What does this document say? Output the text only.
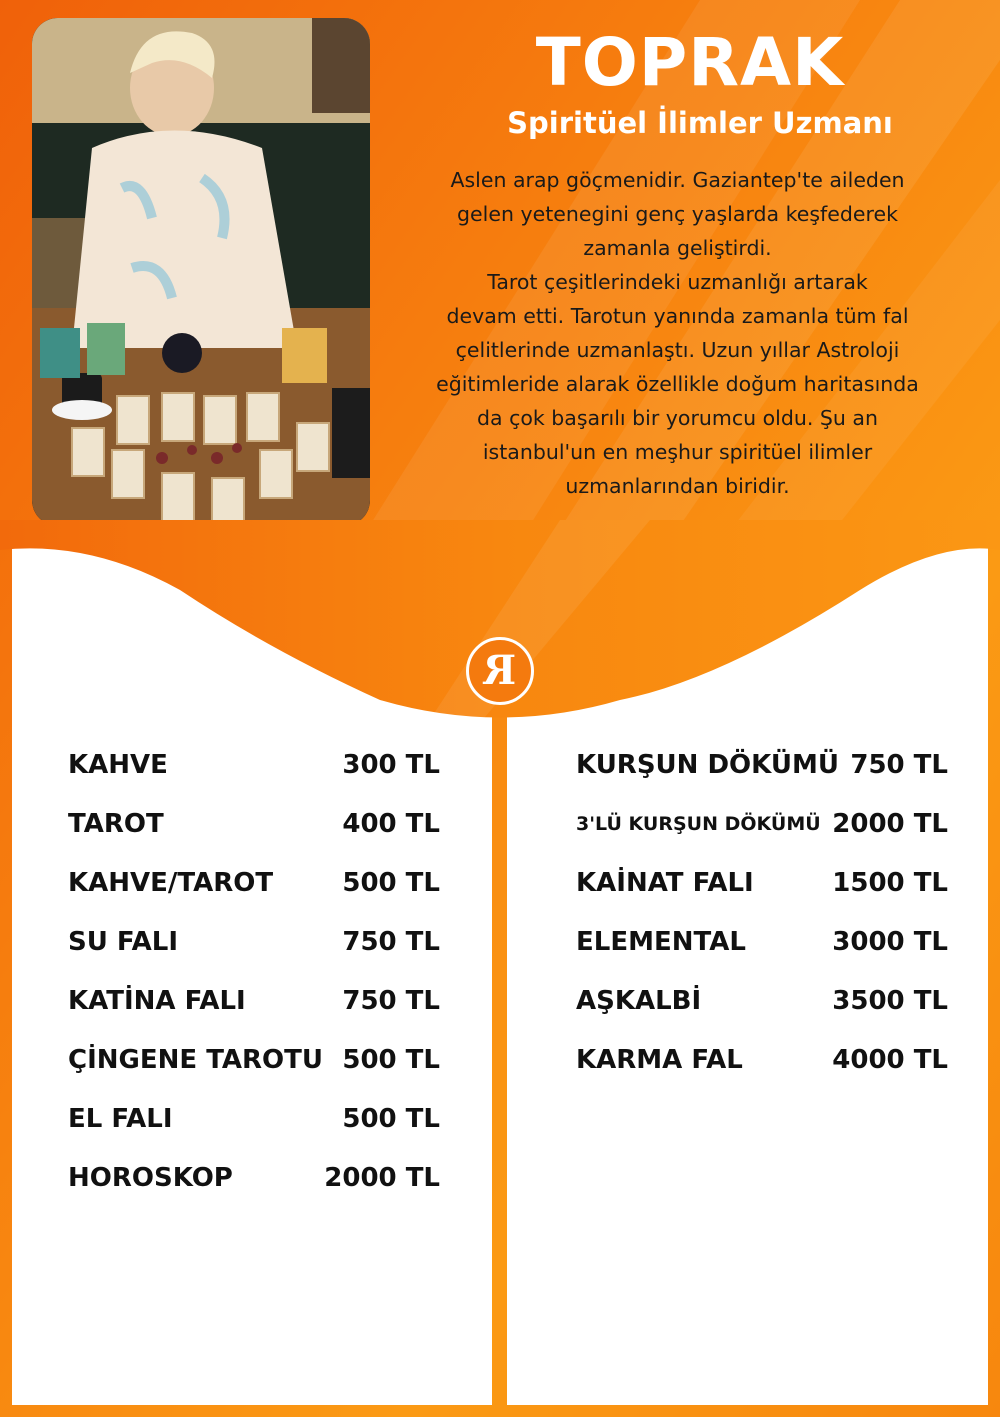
TOPRAK
Spiritüel İlimler Uzmanı

Aslen arap göçmenidir. Gaziantep'te aileden
gelen yetenegini genç yaşlarda keşfederek
zamanla geliştirdi.
Tarot çeşitlerindeki uzmanlığı artarak
devam etti. Tarotun yanında zamanla tüm fal
çelitlerinde uzmanlaştı. Uzun yıllar Astroloji
eğitimleride alarak özellikle doğum haritasında
da çok başarılı bir yorumcu oldu. Şu an
istanbul'un en meşhur spiritüel ilimler
uzmanlarından biridir.

R
KAHVE	300 TL
TAROT	400 TL
KAHVE/TAROT	500 TL
SU FALI	750 TL
KATİNA FALI	750 TL
ÇİNGENE TAROTU 500 TL
EL FALI	500 TL
HOROSKOP	2000 TL
KURŞUN DÖKÜMÜ 750 TL
3'LÜ KURŞUN DÖKÜMÜ 2000 TL
KAİNAT FALI	1500 TL
ELEMENTAL	3000 TL
AŞKALBİ	3500 TL
KARMA FAL	4000 TL
